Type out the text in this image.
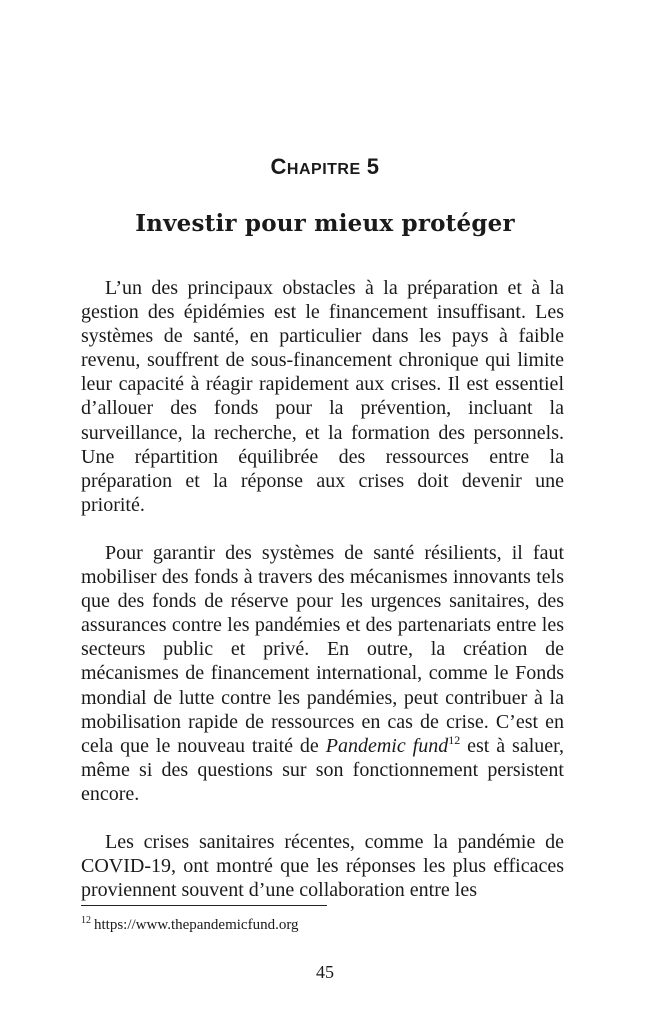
CHAPITRE 5
Investir pour mieux protéger

L’un des principaux obstacles à la préparation et à la gestion des épidémies est le financement insuffisant. Les systèmes de santé, en particulier dans les pays à faible revenu, souffrent de sous-financement chronique qui limite leur capacité à réagir rapidement aux crises. Il est essentiel d’allouer des fonds pour la prévention, incluant la surveillance, la recherche, et la formation des personnels. Une répartition équilibrée des ressources entre la préparation et la réponse aux crises doit devenir une priorité.

Pour garantir des systèmes de santé résilients, il faut mobiliser des fonds à travers des mécanismes innovants tels que des fonds de réserve pour les urgences sanitaires, des assurances contre les pandémies et des partenariats entre les secteurs public et privé. En outre, la création de mécanismes de financement international, comme le Fonds mondial de lutte contre les pandémies, peut contribuer à la mobilisation rapide de ressources en cas de crise. C’est en cela que le nouveau traité de Pandemic fund$^{12}$ est à saluer, même si des questions sur son fonctionnement persistent encore.

Les crises sanitaires récentes, comme la pandémie de COVID-19, ont montré que les réponses les plus efficaces proviennent souvent d’une collaboration entre les

$^{12}$ https://www.thepandemicfund.org
45
